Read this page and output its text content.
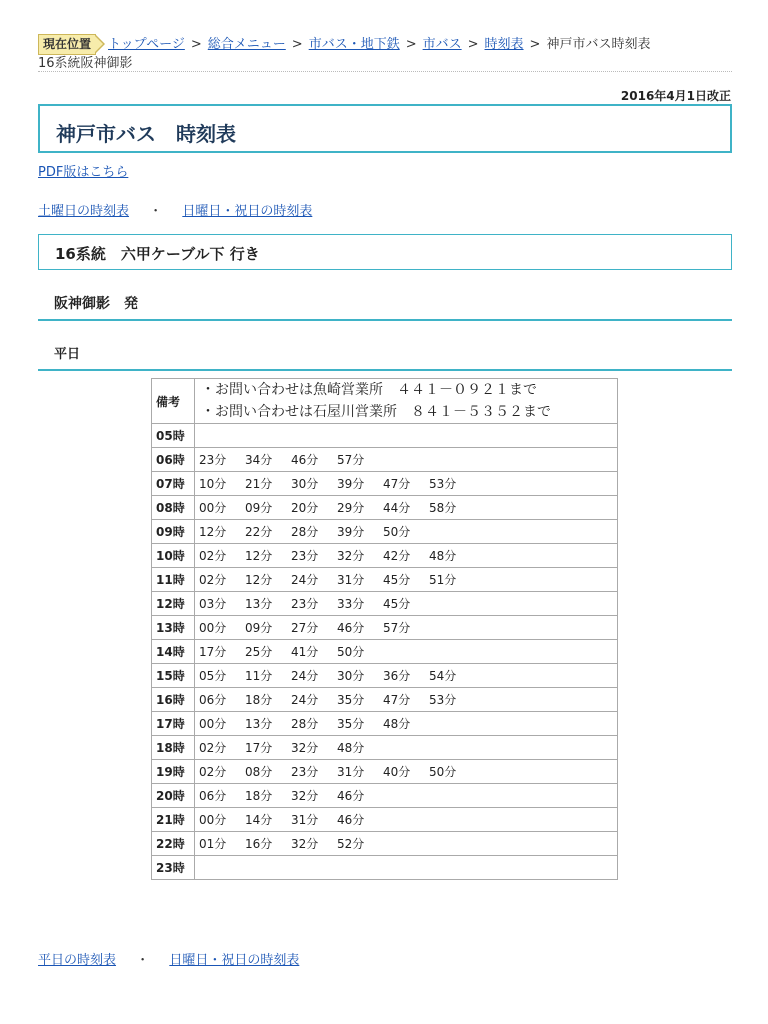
現在位置	トップページ > 総合メニュー > 市バス・地下鉄 > 市バス > 時刻表 > 神戸市バス時刻表
16系統阪神御影
2016年4月1日改正
神戸市バス　時刻表
PDF版はこちら
土曜日の時刻表 ・ 日曜日・祝日の時刻表
16系統　六甲ケーブル下 行き
阪神御影　発
平日
備考	・お問い合わせは魚崎営業所　４４１－０９２１まで
・お問い合わせは石屋川営業所　８４１－５３５２まで

05時	
06時	23分 34分 46分 57分
07時	10分 21分 30分 39分 47分 53分
08時	00分 09分 20分 29分 44分 58分
09時	12分 22分 28分 39分 50分
10時	02分 12分 23分 32分 42分 48分
11時	02分 12分 24分 31分 45分 51分
12時	03分 13分 23分 33分 45分
13時	00分 09分 27分 46分 57分
14時	17分 25分 41分 50分
15時	05分 11分 24分 30分 36分 54分
16時	06分 18分 24分 35分 47分 53分
17時	00分 13分 28分 35分 48分
18時	02分 17分 32分 48分
19時	02分 08分 23分 31分 40分 50分
20時	06分 18分 32分 46分
21時	00分 14分 31分 46分
22時	01分 16分 32分 52分
23時	
平日の時刻表 ・ 日曜日・祝日の時刻表
